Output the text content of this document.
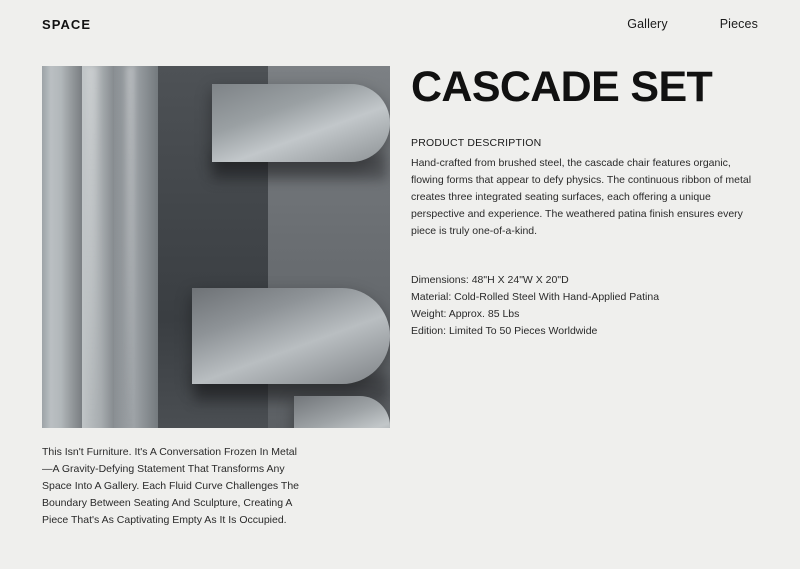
SPACE	Gallery	Pieces
This Isn't Furniture. It's A Conversation Frozen In Metal—A Gravity-Defying Statement That Transforms Any Space Into A Gallery. Each Fluid Curve Challenges The Boundary Between Seating And Sculpture, Creating A Piece That's As Captivating Empty As It Is Occupied.
CASCADE SET
PRODUCT DESCRIPTION
Hand-crafted from brushed steel, the cascade chair features organic, flowing forms that appear to defy physics. The continuous ribbon of metal creates three integrated seating surfaces, each offering a unique perspective and experience. The weathered patina finish ensures every piece is truly one-of-a-kind.
Dimensions: 48"H X 24"W X 20"D
Material: Cold-Rolled Steel With Hand-Applied Patina
Weight: Approx. 85 Lbs
Edition: Limited To 50 Pieces Worldwide
